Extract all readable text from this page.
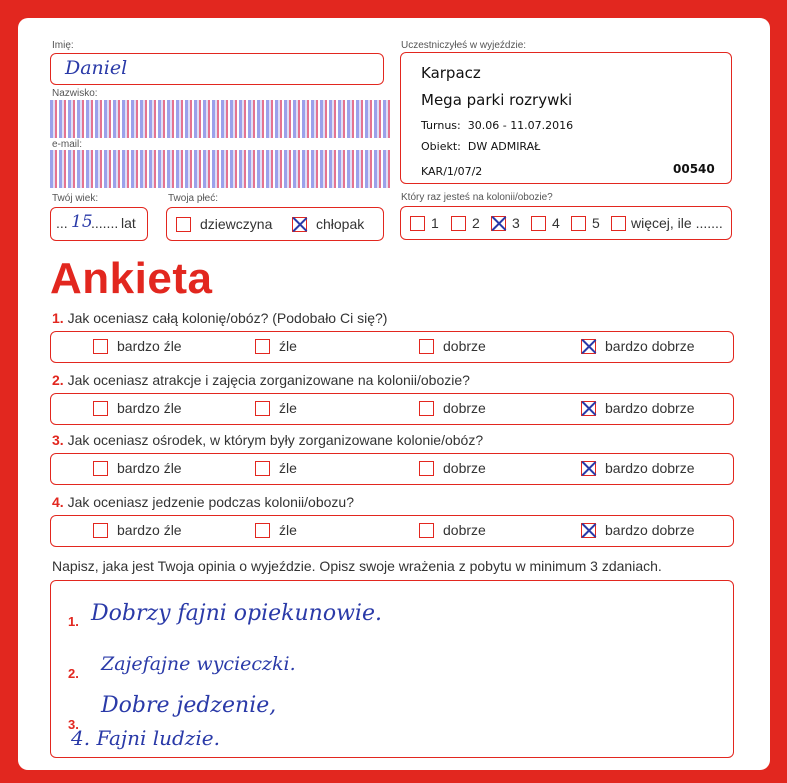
Imię:
Daniel
Nazwisko:
e-mail:
Twój wiek:
... 15
....... lat
Twoja płeć:
dziewczyna	chłopak
Uczestniczyłeś w wyjeździe:
Karpacz
Mega parki rozrywki
Turnus: 30.06 - 11.07.2016
Obiekt: DW ADMIRAŁ
KAR/1/07/2	00540
Który raz jesteś na kolonii/obozie?
1 2 3 4 5 więcej, ile .......
Ankieta
1. Jak oceniasz całą kolonię/obóz? (Podobało Ci się?)
bardzo źle	źle	dobrze	bardzo dobrze
2. Jak oceniasz atrakcje i zajęcia zorganizowane na kolonii/obozie?
bardzo źle	źle	dobrze	bardzo dobrze
3. Jak oceniasz ośrodek, w którym były zorganizowane kolonie/obóz?
bardzo źle	źle	dobrze	bardzo dobrze
4. Jak oceniasz jedzenie podczas kolonii/obozu?
bardzo źle	źle	dobrze	bardzo dobrze
Napisz, jaka jest Twoja opinia o wyjeździe. Opisz swoje wrażenia z pobytu w minimum 3 zdaniach.
1. Dobrzy fajni opiekunowie.
2. Zajefajne wycieczki.
3.
Dobre jedzenie,
4. Fajni ludzie.
